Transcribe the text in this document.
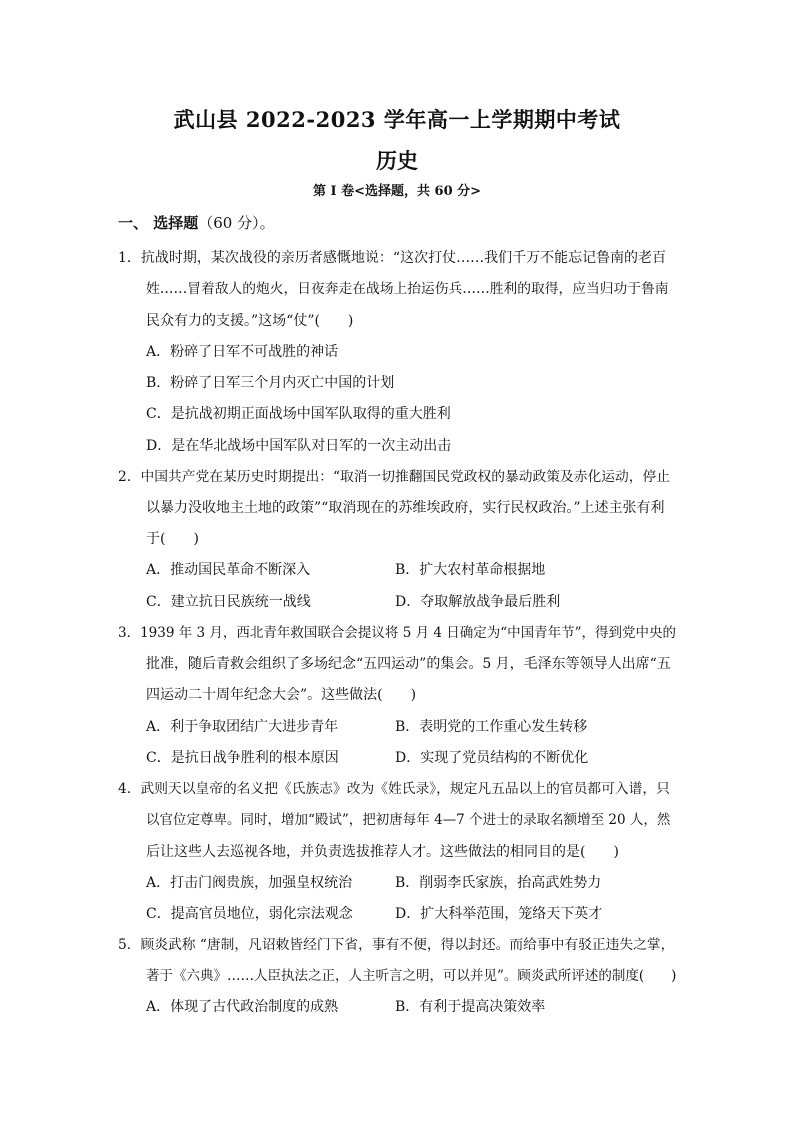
武山县 2022-2023 学年高一上学期期中考试
历史
第 I 卷<选择题，共 60 分>
一、 选择题（60 分）。
1．抗战时期，某次战役的亲历者感慨地说：“这次打仗……我们千万不能忘记鲁南的老百
姓……冒着敌人的炮火，日夜奔走在战场上抬运伤兵……胜利的取得，应当归功于鲁南
民众有力的支援。”这场“仗”(　　)
A．粉碎了日军不可战胜的神话
B．粉碎了日军三个月内灭亡中国的计划
C．是抗战初期正面战场中国军队取得的重大胜利
D．是在华北战场中国军队对日军的一次主动出击
2．中国共产党在某历史时期提出：“取消一切推翻国民党政权的暴动政策及赤化运动，停止
以暴力没收地主土地的政策”“取消现在的苏维埃政府，实行民权政治。”上述主张有利
于(　　)
A．推动国民革命不断深入	B．扩大农村革命根据地
C．建立抗日民族统一战线	D．夺取解放战争最后胜利
3．1939 年 3 月，西北青年救国联合会提议将 5 月 4 日确定为“中国青年节”，得到党中央的
批准，随后青救会组织了多场纪念“五四运动”的集会。5 月，毛泽东等领导人出席“五
四运动二十周年纪念大会”。这些做法(　　)
A．利于争取团结广大进步青年	B．表明党的工作重心发生转移
C．是抗日战争胜利的根本原因	D．实现了党员结构的不断优化
4．武则天以皇帝的名义把《氏族志》改为《姓氏录》，规定凡五品以上的官员都可入谱，只
以官位定尊卑。同时，增加“殿试”，把初唐每年 4—7 个进士的录取名额增至 20 人，然
后让这些人去巡视各地，并负责选拔推荐人才。这些做法的相同目的是(　　)
A．打击门阀贵族，加强皇权统治	B．削弱李氏家族，抬高武姓势力
C．提高官员地位，弱化宗法观念	D．扩大科举范围，笼络天下英才
5．顾炎武称 “唐制，凡诏敕皆经门下省，事有不便，得以封还。而给事中有驳正违失之掌，
著于《六典》……人臣执法之正，人主听言之明，可以并见”。顾炎武所评述的制度(　　)
A．体现了古代政治制度的成熟	B．有利于提高决策效率
